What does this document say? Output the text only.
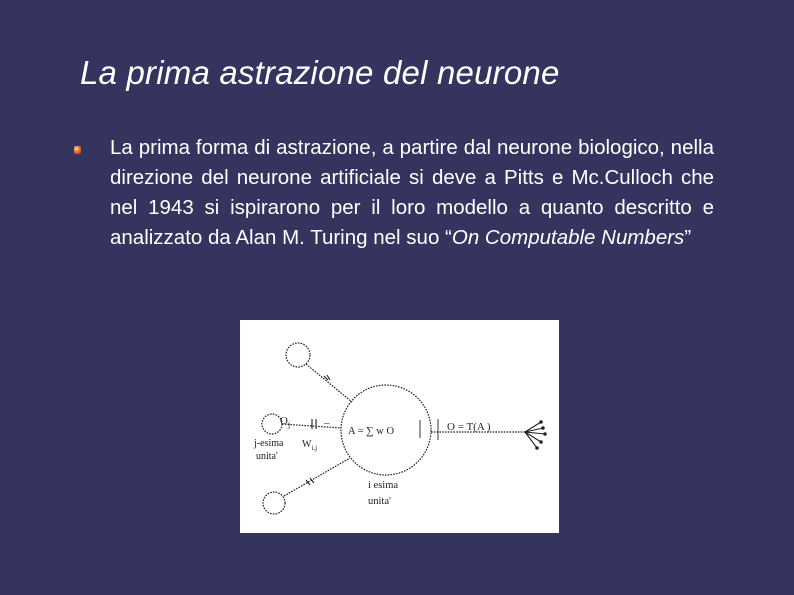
La prima astrazione del neurone
La prima forma di astrazione, a partire dal neurone biologico, nella direzione del neurone artificiale si deve a Pitts e Mc.Culloch che nel 1943 si ispirarono per il loro modello a quanto descritto e analizzato da Alan M. Turing nel suo “On Computable Numbers”
$O_j$
$W_{i,j}$
–
j-esima
unita'
A = ∑ w O	O = T(A )
i esima
unita'
